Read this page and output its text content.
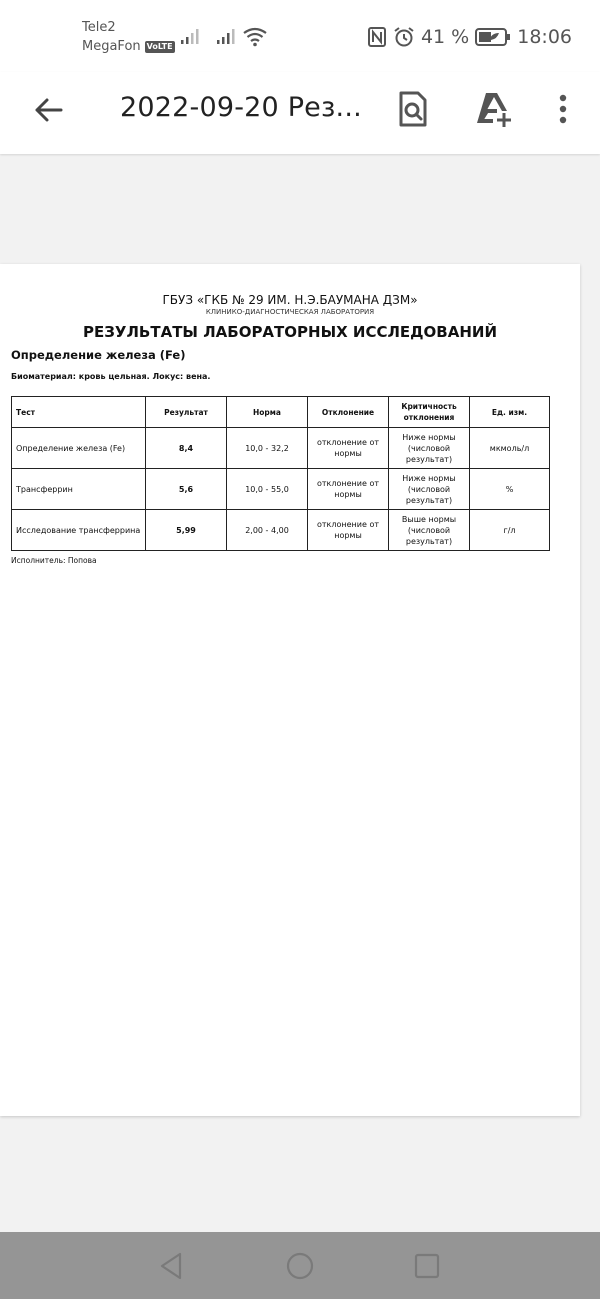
Tele2
MegaFon VoLTE	41 %	18:06
2022-09-20 Рез...
ГБУЗ «ГКБ № 29 ИМ. Н.Э.БАУМАНА ДЗМ»
КЛИНИКО-ДИАГНОСТИЧЕСКАЯ ЛАБОРАТОРИЯ
РЕЗУЛЬТАТЫ ЛАБОРАТОРНЫХ ИССЛЕДОВАНИЙ
Определение железа (Fe)
Биоматериал: кровь цельная. Локус: вена.
Тест	Результат	Норма	Отклонение	Критичность отклонения	Ед. изм.
Определение железа (Fe)	8,4	10,0 - 32,2	отклонение от нормы	Ниже нормы (числовой результат)	мкмоль/л
Трансферрин	5,6	10,0 - 55,0	отклонение от нормы	Ниже нормы (числовой результат)	%
Исследование трансферрина	5,99	2,00 - 4,00	отклонение от нормы	Выше нормы (числовой результат)	г/л
Исполнитель: Попова
